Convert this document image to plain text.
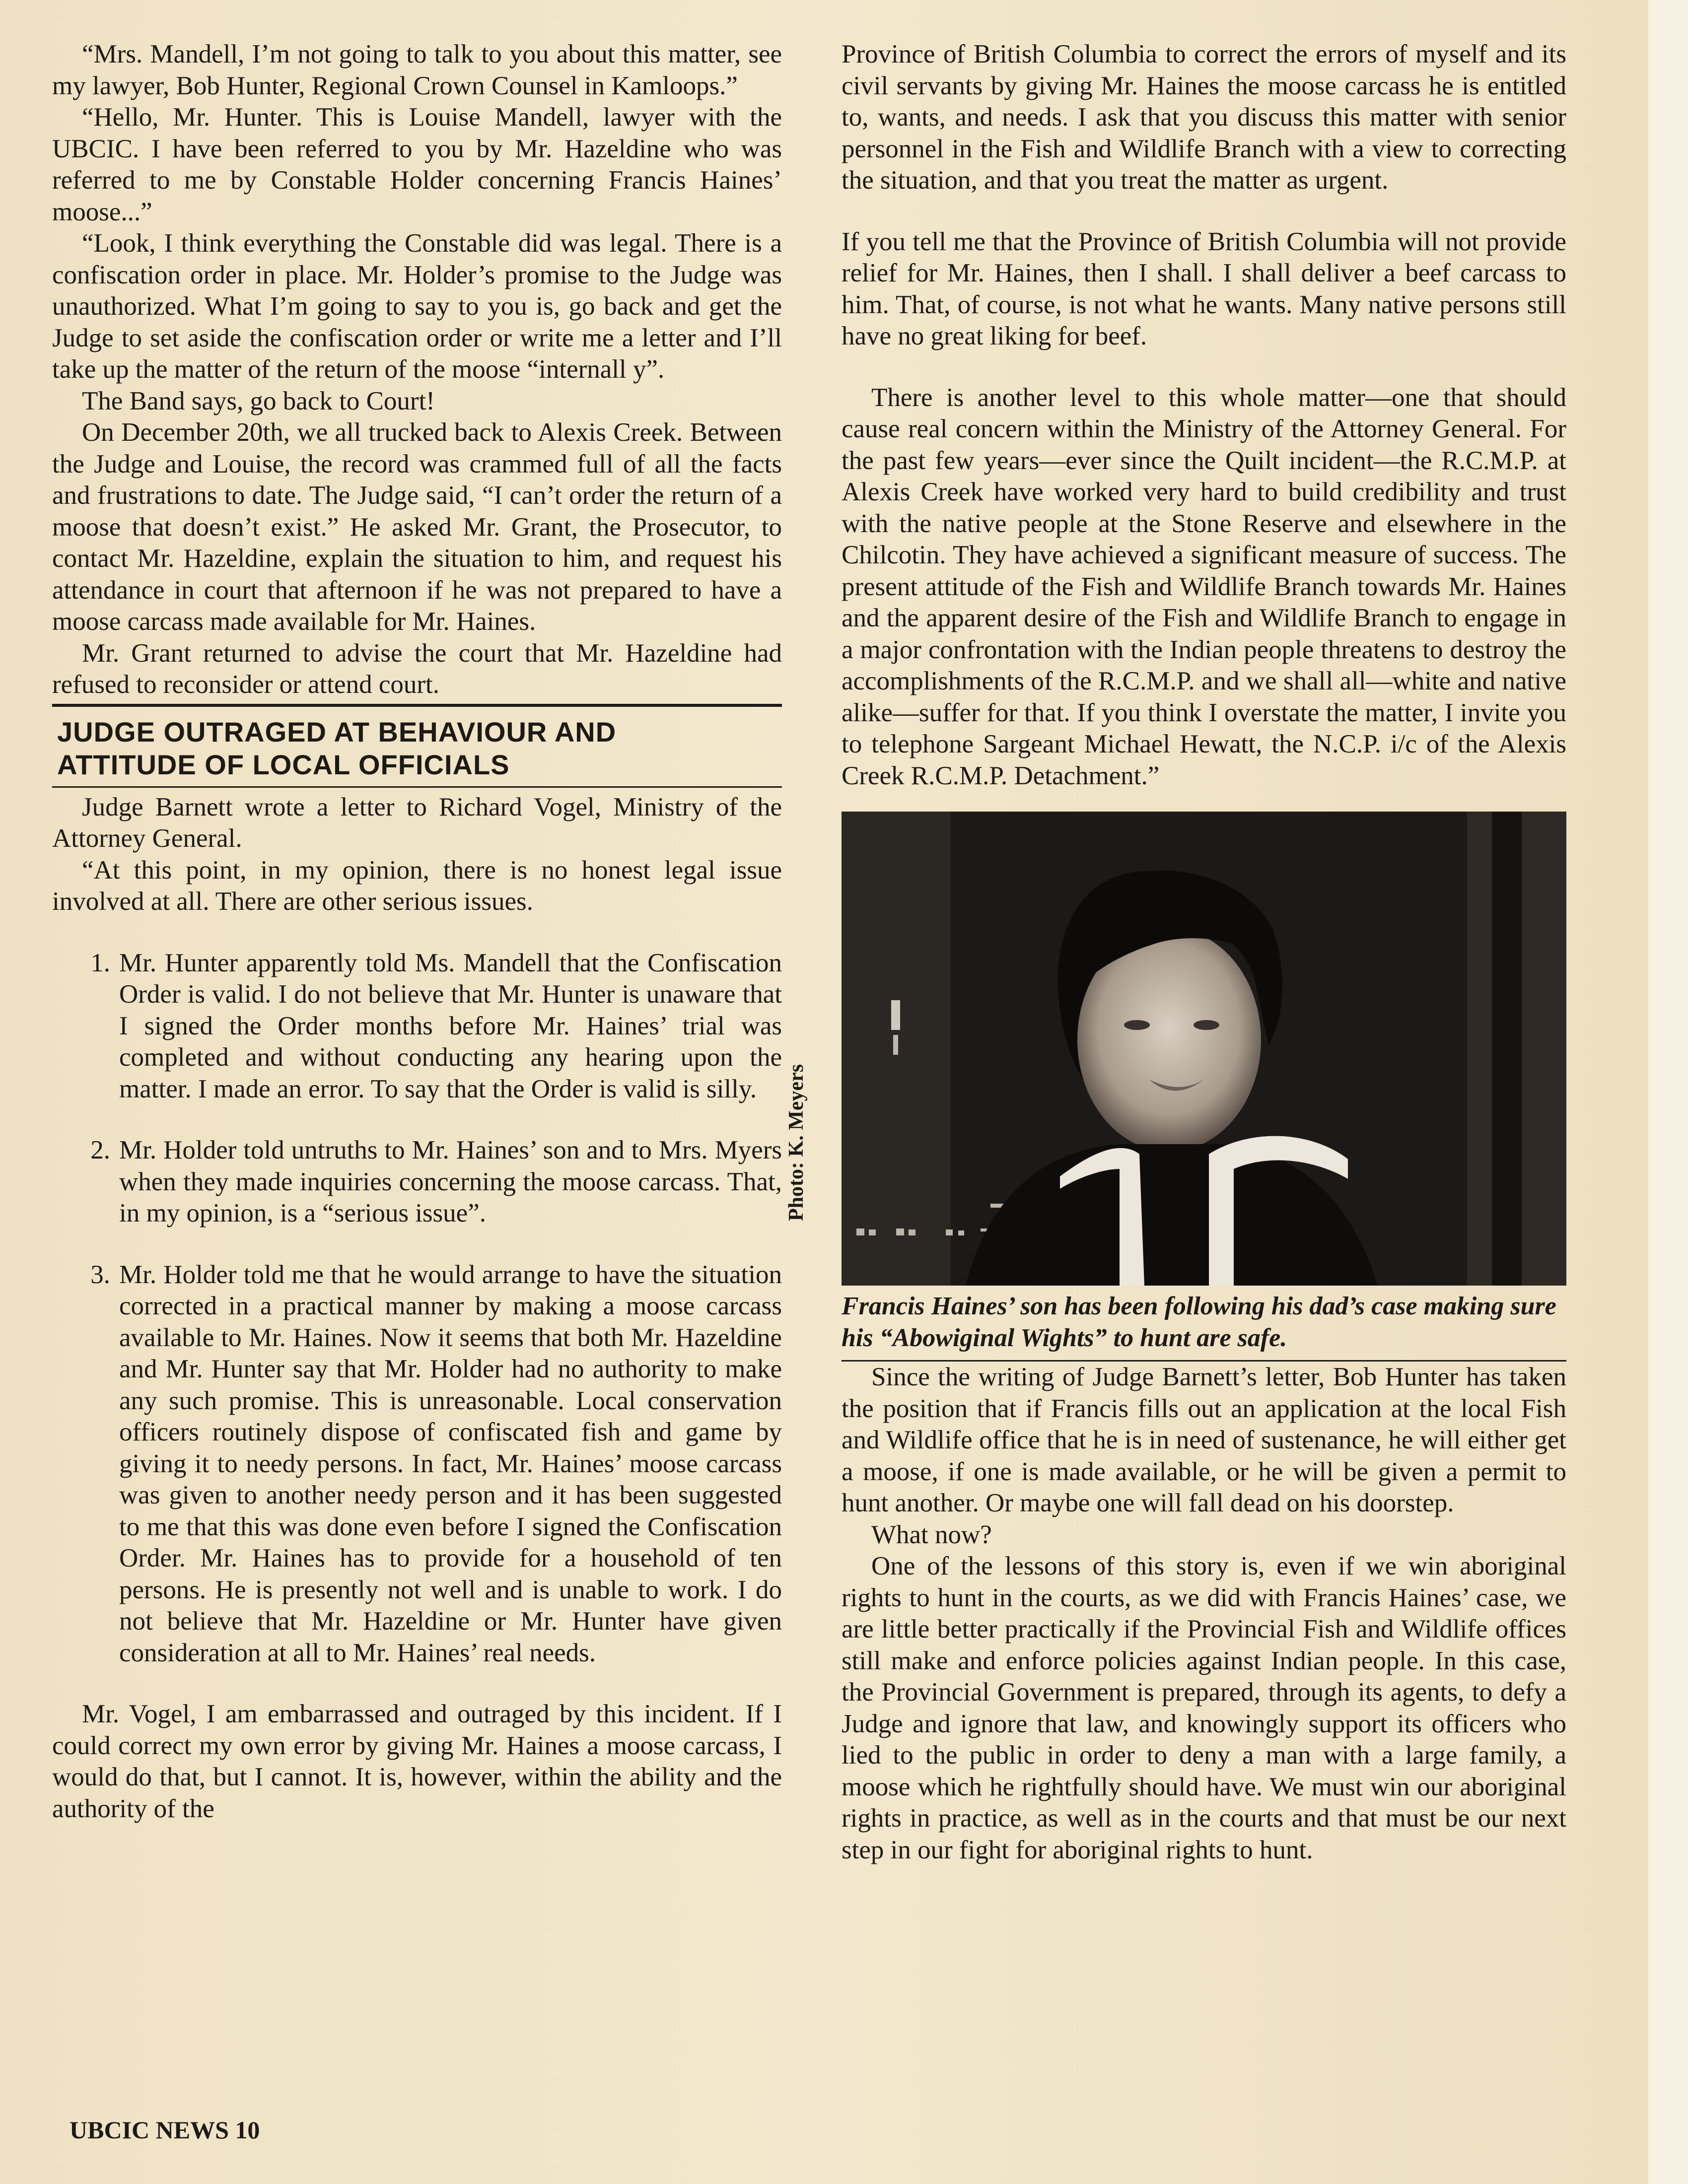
“Mrs. Mandell, I’m not going to talk to you about this matter, see my lawyer, Bob Hunter, Regional Crown Counsel in Kamloops.”

“Hello, Mr. Hunter. This is Louise Mandell, lawyer with the UBCIC. I have been referred to you by Mr. Hazeldine who was referred to me by Constable Holder concerning Francis Haines’ moose...”

“Look, I think everything the Constable did was legal. There is a confiscation order in place. Mr. Holder’s promise to the Judge was unauthorized. What I’m going to say to you is, go back and get the Judge to set aside the confiscation order or write me a letter and I’ll take up the matter of the return of the moose “internall y”.

The Band says, go back to Court!

On December 20th, we all trucked back to Alexis Creek. Between the Judge and Louise, the record was crammed full of all the facts and frustrations to date. The Judge said, “I can’t order the return of a moose that doesn’t exist.” He asked Mr. Grant, the Prosecutor, to contact Mr. Hazeldine, explain the situation to him, and request his attendance in court that afternoon if he was not prepared to have a moose carcass made available for Mr. Haines.

Mr. Grant returned to advise the court that Mr. Hazeldine had refused to reconsider or attend court.

JUDGE OUTRAGED AT BEHAVIOUR AND
ATTITUDE OF LOCAL OFFICIALS

Judge Barnett wrote a letter to Richard Vogel, Ministry of the Attorney General.

“At this point, in my opinion, there is no honest legal issue involved at all. There are other serious issues.

1. Mr. Hunter apparently told Ms. Mandell that the Confiscation Order is valid. I do not believe that Mr. Hunter is unaware that I signed the Order months before Mr. Haines’ trial was completed and without conducting any hearing upon the matter. I made an error. To say that the Order is valid is silly.
2. Mr. Holder told untruths to Mr. Haines’ son and to Mrs. Myers when they made inquiries concerning the moose carcass. That, in my opinion, is a “serious issue”.
3. Mr. Holder told me that he would arrange to have the situation corrected in a practical manner by making a moose carcass available to Mr. Haines. Now it seems that both Mr. Hazeldine and Mr. Hunter say that Mr. Holder had no authority to make any such promise. This is unreasonable. Local conservation officers routinely dispose of confiscated fish and game by giving it to needy persons. In fact, Mr. Haines’ moose carcass was given to another needy person and it has been suggested to me that this was done even before I signed the Confiscation Order. Mr. Haines has to provide for a household of ten persons. He is presently not well and is unable to work. I do not believe that Mr. Hazeldine or Mr. Hunter have given consideration at all to Mr. Haines’ real needs.

Mr. Vogel, I am embarrassed and outraged by this incident. If I could correct my own error by giving Mr. Haines a moose carcass, I would do that, but I cannot. It is, however, within the ability and the authority of the

Province of British Columbia to correct the errors of myself and its civil servants by giving Mr. Haines the moose carcass he is entitled to, wants, and needs. I ask that you discuss this matter with senior personnel in the Fish and Wildlife Branch with a view to correcting the situation, and that you treat the matter as urgent.

If you tell me that the Province of British Columbia will not provide relief for Mr. Haines, then I shall. I shall deliver a beef carcass to him. That, of course, is not what he wants. Many native persons still have no great liking for beef.

There is another level to this whole matter—one that should cause real concern within the Ministry of the Attorney General. For the past few years—ever since the Quilt incident—the R.C.M.P. at Alexis Creek have worked very hard to build credibility and trust with the native people at the Stone Reserve and elsewhere in the Chilcotin. They have achieved a significant measure of success. The present attitude of the Fish and Wildlife Branch towards Mr. Haines and the apparent desire of the Fish and Wildlife Branch to engage in a major confrontation with the Indian people threatens to destroy the accomplishments of the R.C.M.P. and we shall all—white and native alike—suffer for that. If you think I overstate the matter, I invite you to telephone Sargeant Michael Hewatt, the N.C.P. i/c of the Alexis Creek R.C.M.P. Detachment.”

Francis Haines’ son has been following his dad’s case making sure his “Abowiginal Wights” to hunt are safe.

Since the writing of Judge Barnett’s letter, Bob Hunter has taken the position that if Francis fills out an application at the local Fish and Wildlife office that he is in need of sustenance, he will either get a moose, if one is made available, or he will be given a permit to hunt another. Or maybe one will fall dead on his doorstep.

What now?

One of the lessons of this story is, even if we win aboriginal rights to hunt in the courts, as we did with Francis Haines’ case, we are little better practically if the Provincial Fish and Wildlife offices still make and enforce policies against Indian people. In this case, the Provincial Government is prepared, through its agents, to defy a Judge and ignore that law, and knowingly support its officers who lied to the public in order to deny a man with a large family, a moose which he rightfully should have. We must win our aboriginal rights in practice, as well as in the courts and that must be our next step in our fight for aboriginal rights to hunt.

Photo: K. Meyers
UBCIC NEWS 10
